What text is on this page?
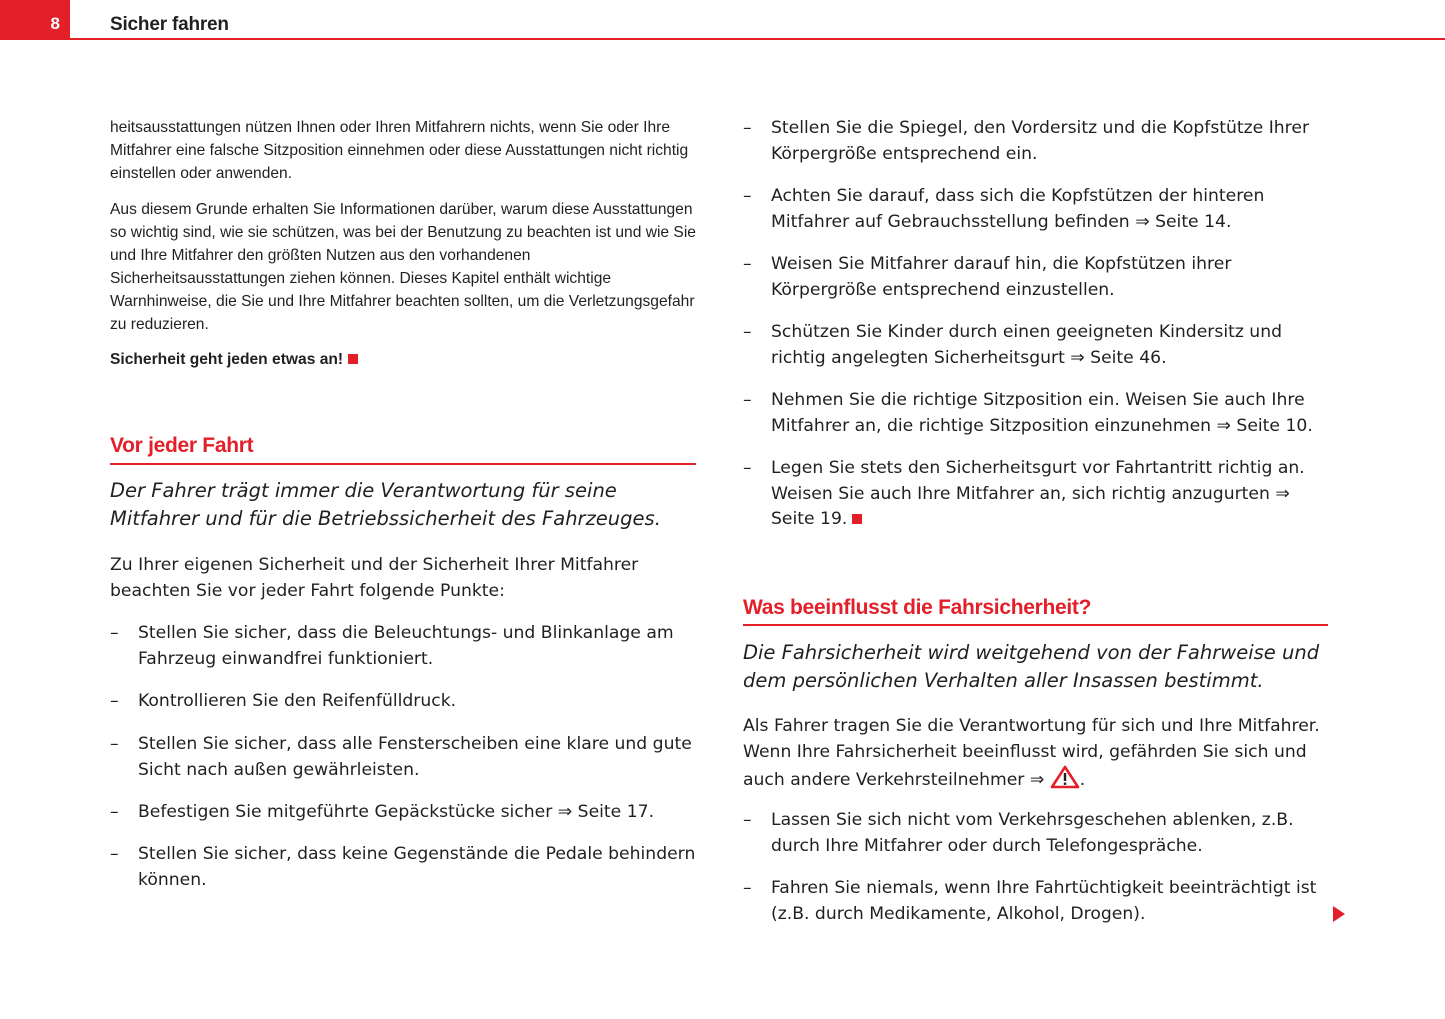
8	Sicher fahren

heitsausstattungen nützen Ihnen oder Ihren Mitfahrern nichts, wenn Sie oder Ihre Mitfahrer eine falsche Sitzposition einnehmen oder diese Ausstattungen nicht richtig einstellen oder anwenden.

Aus diesem Grunde erhalten Sie Informationen darüber, warum diese Ausstattungen so wichtig sind, wie sie schützen, was bei der Benutzung zu beachten ist und wie Sie und Ihre Mitfahrer den größten Nutzen aus den vorhandenen Sicherheitsausstattungen ziehen können. Dieses Kapitel enthält wichtige Warnhinweise, die Sie und Ihre Mitfahrer beachten sollten, um die Verletzungsgefahr zu reduzieren.

Sicherheit geht jeden etwas an!

Vor jeder Fahrt

Der Fahrer trägt immer die Verantwortung für seine Mitfahrer und für die Betriebssicherheit des Fahrzeuges.

Zu Ihrer eigenen Sicherheit und der Sicherheit Ihrer Mitfahrer beachten Sie vor jeder Fahrt folgende Punkte:

–	Stellen Sie sicher, dass die Beleuchtungs- und Blinkanlage am Fahrzeug einwandfrei funktioniert.
–	Kontrollieren Sie den Reifenfülldruck.
–	Stellen Sie sicher, dass alle Fensterscheiben eine klare und gute Sicht nach außen gewährleisten.
–	Befestigen Sie mitgeführte Gepäckstücke sicher ⇒ Seite 17.
–	Stellen Sie sicher, dass keine Gegenstände die Pedale behindern können.
–	Stellen Sie die Spiegel, den Vordersitz und die Kopfstütze Ihrer Körpergröße entsprechend ein.
–	Achten Sie darauf, dass sich die Kopfstützen der hinteren Mitfahrer auf Gebrauchsstellung befinden ⇒ Seite 14.
–	Weisen Sie Mitfahrer darauf hin, die Kopfstützen ihrer Körpergröße entsprechend einzustellen.
–	Schützen Sie Kinder durch einen geeigneten Kindersitz und richtig angelegten Sicherheitsgurt ⇒ Seite 46.
–	Nehmen Sie die richtige Sitzposition ein. Weisen Sie auch Ihre Mitfahrer an, die richtige Sitzposition einzunehmen ⇒ Seite 10.
–	Legen Sie stets den Sicherheitsgurt vor Fahrtantritt richtig an. Weisen Sie auch Ihre Mitfahrer an, sich richtig anzugurten ⇒ Seite 19.
Was beeinflusst die Fahrsicherheit?

Die Fahrsicherheit wird weitgehend von der Fahrweise und dem persönlichen Verhalten aller Insassen bestimmt.

Als Fahrer tragen Sie die Verantwortung für sich und Ihre Mitfahrer. Wenn Ihre Fahrsicherheit beeinflusst wird, gefährden Sie sich und auch andere Verkehrsteilnehmer ⇒ .

–	Lassen Sie sich nicht vom Verkehrsgeschehen ablenken, z.B. durch Ihre Mitfahrer oder durch Telefongespräche.
–	Fahren Sie niemals, wenn Ihre Fahrtüchtigkeit beeinträchtigt ist (z.B. durch Medikamente, Alkohol, Drogen).
